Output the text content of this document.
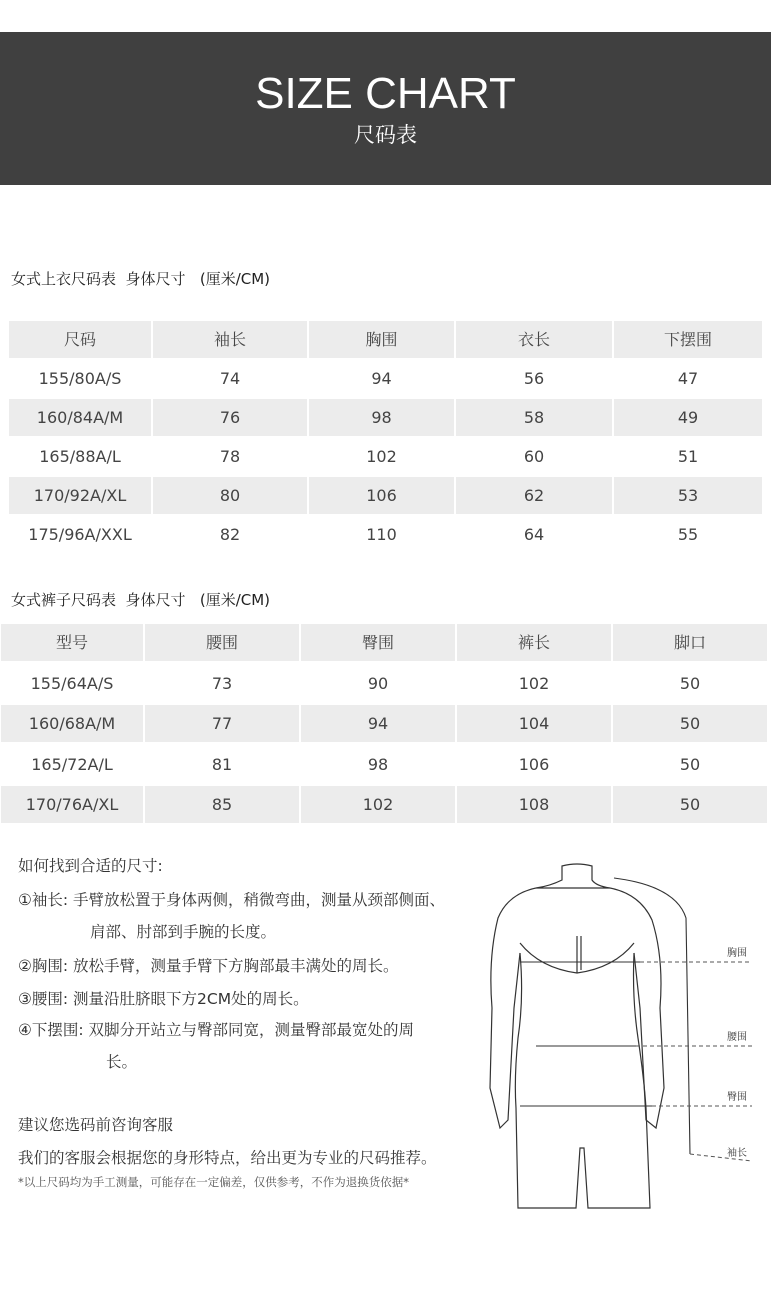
SIZE CHART
尺码表
女式上衣尺码表  身体尺寸   (厘米/CM)
尺码	袖长	胸围	衣长	下摆围
155/80A/S	74	94	56	47
160/84A/M	76	98	58	49
165/88A/L	78	102	60	51
170/92A/XL	80	106	62	53
175/96A/XXL	82	110	64	55
女式裤子尺码表  身体尺寸   (厘米/CM)
型号	腰围	臀围	裤长	脚口
155/64A/S	73	90	102	50
160/68A/M	77	94	104	50
165/72A/L	81	98	106	50
170/76A/XL	85	102	108	50
如何找到合适的尺寸:
①袖长: 手臂放松置于身体两侧，稍微弯曲，测量从颈部侧面、
肩部、肘部到手腕的长度。
②胸围: 放松手臂，测量手臂下方胸部最丰满处的周长。
③腰围: 测量沿肚脐眼下方2CM处的周长。
④下摆围: 双脚分开站立与臀部同宽，测量臀部最宽处的周
长。
建议您选码前咨询客服
我们的客服会根据您的身形特点，给出更为专业的尺码推荐。
*以上尺码均为手工测量，可能存在一定偏差，仅供参考，不作为退换货依据*
胸围
腰围
臀围
袖长
